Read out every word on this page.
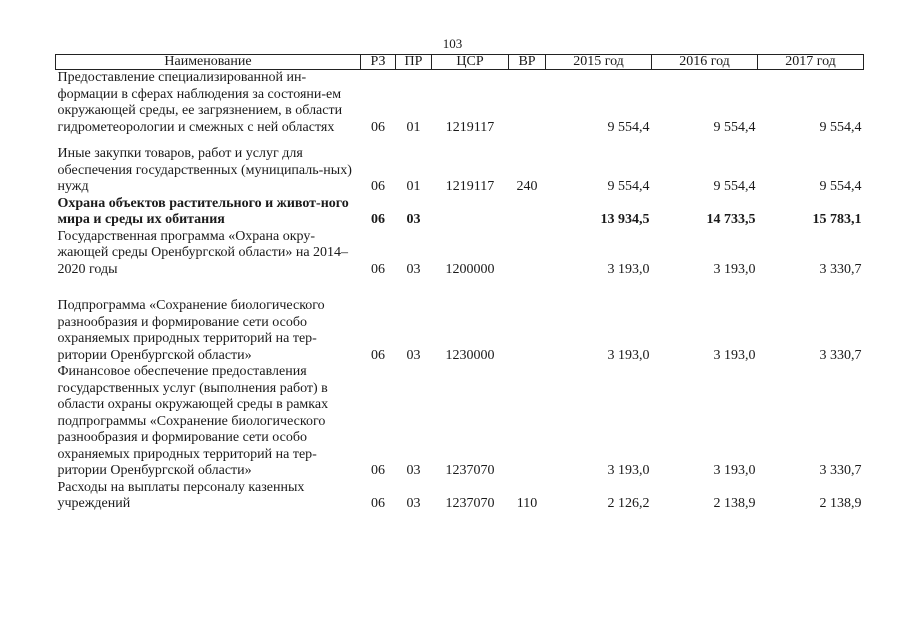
103
Наименование	РЗ	ПР	ЦСР	ВР	2015 год	2016 год	2017 год
Предоставление специализированной ин-формации в сферах наблюдения за состояни-ем окружающей среды, ее загрязнением, в области гидрометеорологии и смежных с ней областях	06	01	1219117		9 554,4	9 554,4	9 554,4

Иные закупки товаров, работ и услуг для обеспечения государственных (муниципаль-ных) нужд	06	01	1219117	240	9 554,4	9 554,4	9 554,4
Охрана объектов растительного и живот-ного мира и среды их обитания	06	03			13 934,5	14 733,5	15 783,1
Государственная программа «Охрана окру-жающей среды Оренбургской области» на 2014–2020 годы	06	03	1200000		3 193,0	3 193,0	3 330,7

Подпрограмма «Сохранение биологического разнообразия и формирование сети особо охраняемых природных территорий на тер-ритории Оренбургской области»	06	03	1230000		3 193,0	3 193,0	3 330,7
Финансовое обеспечение предоставления государственных услуг (выполнения работ) в области охраны окружающей среды в рамках подпрограммы «Сохранение биологического разнообразия и формирование сети особо охраняемых природных территорий на тер-ритории Оренбургской области»	06	03	1237070		3 193,0	3 193,0	3 330,7
Расходы на выплаты персоналу казенных учреждений	06	03	1237070	110	2 126,2	2 138,9	2 138,9
